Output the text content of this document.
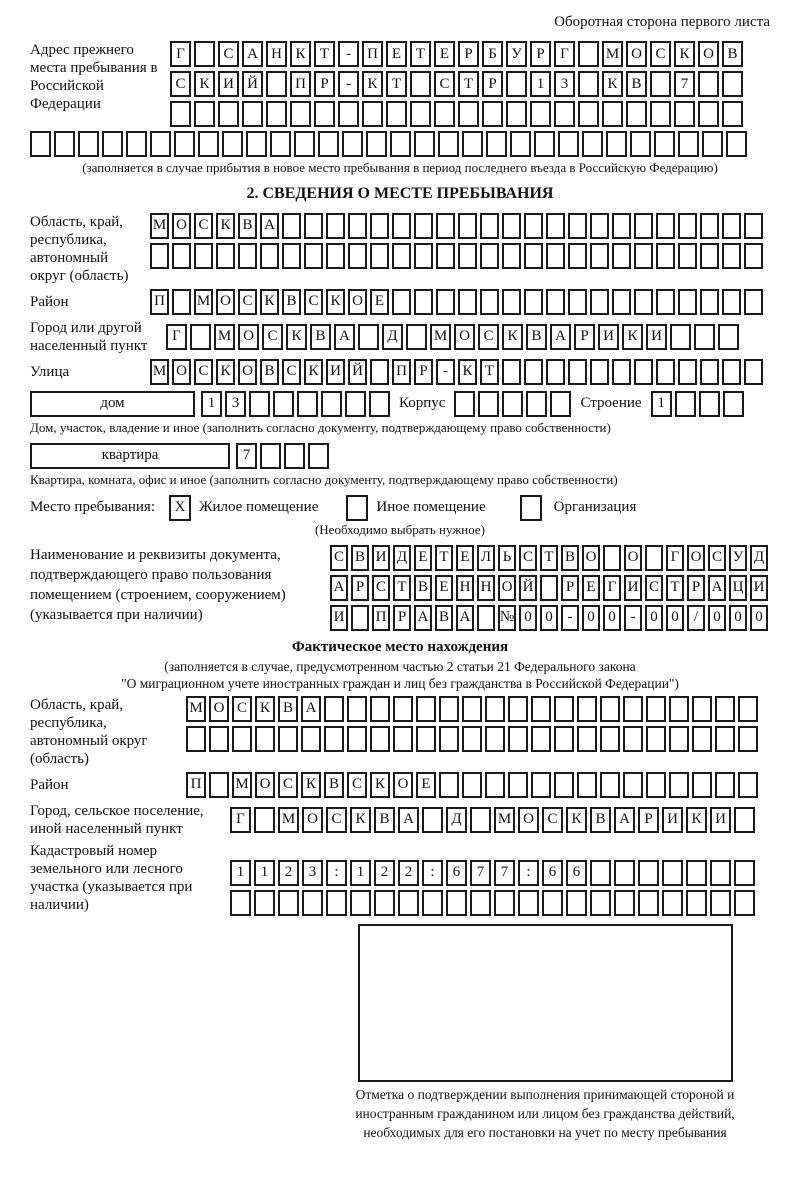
Оборотная сторона первого листа
Адрес прежнего места пребывания в Российской Федерации
Г	С А Н К Т	-	П Е Т Е	Р	Б У Р	Г	М О С К О В
С К И Й	П Р	-	К Т	С Т	Р	1	3	К В	7
(заполняется в случае прибытия в новое место пребывания в период последнего въезда в Российскую Федерацию)
2. СВЕДЕНИЯ О МЕСТЕ ПРЕБЫВАНИЯ
Область, край, республика, автономный округ (область)
М О С К В А
Район	П М О С К В С К О Е
Город или другой населенный пункт
Г	М О С К В А	Д	М О С К В А Р И К И
Улица	М О С К О В С К И Й П Р	- К Т
дом	1	3	Корпус	Строение	1
Дом, участок, владение и иное (заполнить согласно документу, подтверждающему право собственности)
квартира	7
Квартира, комната, офис и иное (заполнить согласно документу, подтверждающему право собственности)
Место пребывания:	X Жилое помещение	Иное помещение	Организация
(Необходимо выбрать нужное)
Наименование и реквизиты документа, подтверждающего право пользования помещением (строением, сооружением) (указывается при наличии)
С В И Д Е Т Е Л Ь С Т В О О	Г О С У Д
А Р С Т В Е Н Н О Й	Р Е Г И С Т Р А Ц И
И П Р А В А № 0 0 - 0 0 - 0 0	/	0 0 0
Фактическое место нахождения
(заполняется в случае, предусмотренном частью 2 статьи 21 Федерального закона
"О миграционном учете иностранных граждан и лиц без гражданства в Российской Федерации")
Область, край, республика, автономный округ (область)
М О С К В А
Район	П	М О С К В С К О Е
Город, сельское поселение, иной населенный пункт
Г	М О С К В А	Д	М О С К В А Р И К И
Кадастровый номер земельного или лесного участка (указывается при наличии)
1	1	2	3	:	1	2	2	:	6	7	7	:	6	6
Отметка о подтверждении выполнения принимающей стороной и иностранным гражданином или лицом без гражданства действий, необходимых для его постановки на учет по месту пребывания
